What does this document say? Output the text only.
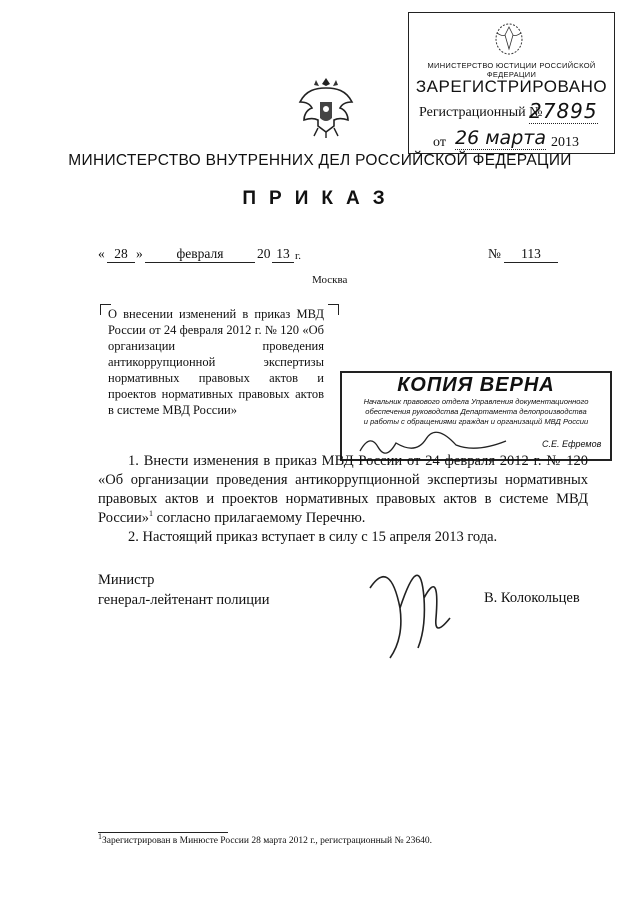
МИНИСТЕРСТВО ЮСТИЦИИ РОССИЙСКОЙ ФЕДЕРАЦИИ
ЗАРЕГИСТРИРОВАНО
Регистрационный №
27895
от 26 марта 2013
МИНИСТЕРСТВО ВНУТРЕННИХ ДЕЛ РОССИЙСКОЙ ФЕДЕРАЦИИ
ПРИКАЗ
« 28 »	февраля	20 13 г.	№	113
Москва
О внесении изменений в приказ МВД России от 24 февраля 2012 г. № 120 «Об организации проведения антикоррупционной экспертизы нормативных правовых актов и проектов нормативных правовых актов в системе МВД России»
КОПИЯ ВЕРНА
Начальник правового отдела Управления документационного
обеспечения руководства Департамента делопроизводства
и работы с обращениями граждан и организаций МВД России
С.Е. Ефремов

1. Внести изменения в приказ МВД России от 24 февраля 2012 г. № 120 «Об организации проведения антикоррупционной экспертизы нормативных правовых актов и проектов нормативных правовых актов в системе МВД России»$^1$ согласно прилагаемому Перечню.

2. Настоящий приказ вступает в силу с 15 апреля 2013 года.

Министр
генерал-лейтенант полиции	В. Колокольцев
$^1$Зарегистрирован в Минюсте России 28 марта 2012 г., регистрационный № 23640.
